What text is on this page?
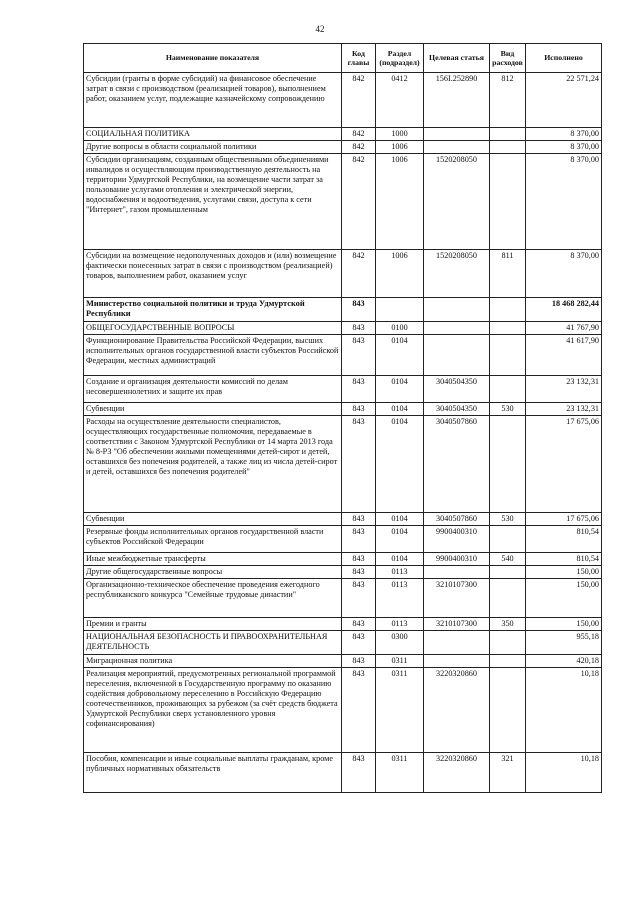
42
Наименование показателя	Код главы	Раздел (подраздел)	Целевая статья	Вид расходов	Исполнено
Субсидии (гранты в форме субсидий) на финансовое обеспечение затрат в связи с производством (реализацией товаров), выполнением работ, оказанием услуг, подлежащие казначейскому сопровождению	842	0412	156I.252890	812	22 571,24
СОЦИАЛЬНАЯ ПОЛИТИКА	842	1000			8 370,00
Другие вопросы в области социальной политики	842	1006			8 370,00
Субсидии организациям, созданным общественными объединениями инвалидов и осуществляющим производственную деятельность на территории Удмуртской Республики, на возмещение части затрат за пользование услугами отопления и электрической энергии, водоснабжения и водоотведения, услугами связи, доступа к сети "Интернет", газом промышленным	842	1006	1520208050		8 370,00
Субсидии на возмещение недополученных доходов и (или) возмещение фактически понесенных затрат в связи с производством (реализацией) товаров, выполнением работ, оказанием услуг	842	1006	1520208050	811	8 370,00
Министерство социальной политики и труда Удмуртской Республики	843				18 468 282,44
ОБЩЕГОСУДАРСТВЕННЫЕ ВОПРОСЫ	843	0100			41 767,90
Функционирование Правительства Российской Федерации, высших исполнительных органов государственной власти субъектов Российской Федерации, местных администраций	843	0104			41 617,90
Создание и организация деятельности комиссий по делам несовершеннолетних и защите их прав	843	0104	3040504350		23 132,31
Субвенции	843	0104	3040504350	530	23 132,31
Расходы на осуществление деятельности специалистов, осуществляющих государственные полномочия, передаваемые в соответствии с Законом Удмуртской Республики от 14 марта 2013 года № 8-РЗ "Об обеспечении жилыми помещениями детей-сирот и детей, оставшихся без попечения родителей, а также лиц из числа детей-сирот и детей, оставшихся без попечения родителей"	843	0104	3040507860		17 675,06
Субвенции	843	0104	3040507860	530	17 675,06
Резервные фонды исполнительных органов государственной власти субъектов Российской Федерации	843	0104	9900400310		810,54
Иные межбюджетные трансферты	843	0104	9900400310	540	810,54
Другие общегосударственные вопросы	843	0113			150,00
Организационно-техническое обеспечение проведения ежегодного республиканского конкурса "Семейные трудовые династии"	843	0113	3210107300		150,00
Премии и гранты	843	0113	3210107300	350	150,00
НАЦИОНАЛЬНАЯ БЕЗОПАСНОСТЬ И ПРАВООХРАНИТЕЛЬНАЯ ДЕЯТЕЛЬНОСТЬ	843	0300			955,18
Миграционная политика	843	0311			420,18
Реализация мероприятий, предусмотренных региональной программой переселения, включенной в Государственную программу по оказанию содействия добровольному переселению в Российскую Федерацию соотечественников, проживающих за рубежом (за счёт средств бюджета Удмуртской Республики сверх установленного уровня софинансирования)	843	0311	3220320860		10,18
Пособия, компенсации и иные социальные выплаты гражданам, кроме публичных нормативных обязательств	843	0311	3220320860	321	10,18
